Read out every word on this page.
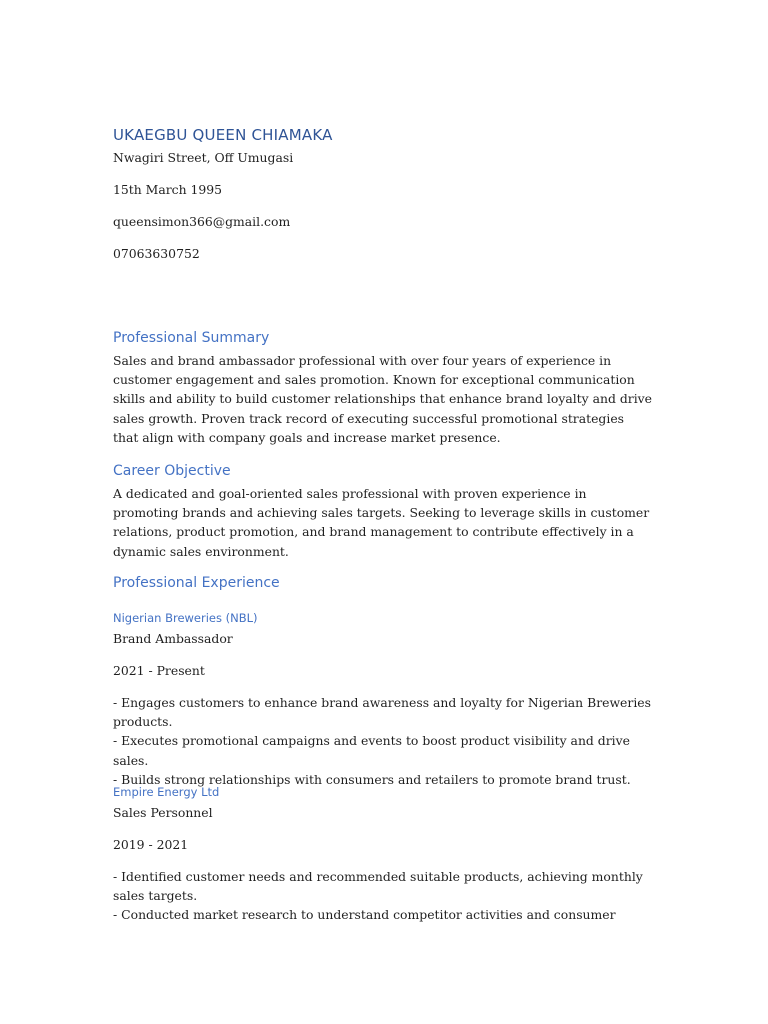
UKAEGBU QUEEN CHIAMAKA

Nwagiri Street, Off Umugasi

15th March 1995

queensimon366@gmail.com

07063630752

Professional Summary

Sales and brand ambassador professional with over four years of experience in customer engagement and sales promotion. Known for exceptional communication skills and ability to build customer relationships that enhance brand loyalty and drive sales growth. Proven track record of executing successful promotional strategies that align with company goals and increase market presence.

Career Objective

A dedicated and goal-oriented sales professional with proven experience in promoting brands and achieving sales targets. Seeking to leverage skills in customer relations, product promotion, and brand management to contribute effectively in a dynamic sales environment.

Professional Experience
Nigerian Breweries (NBL)

Brand Ambassador

2021 - Present

- Engages customers to enhance brand awareness and loyalty for Nigerian Breweries products.
- Executes promotional campaigns and events to boost product visibility and drive sales.
- Builds strong relationships with consumers and retailers to promote brand trust.
Empire Energy Ltd

Sales Personnel

2019 - 2021

- Identified customer needs and recommended suitable products, achieving monthly sales targets.
- Conducted market research to understand competitor activities and consumer
